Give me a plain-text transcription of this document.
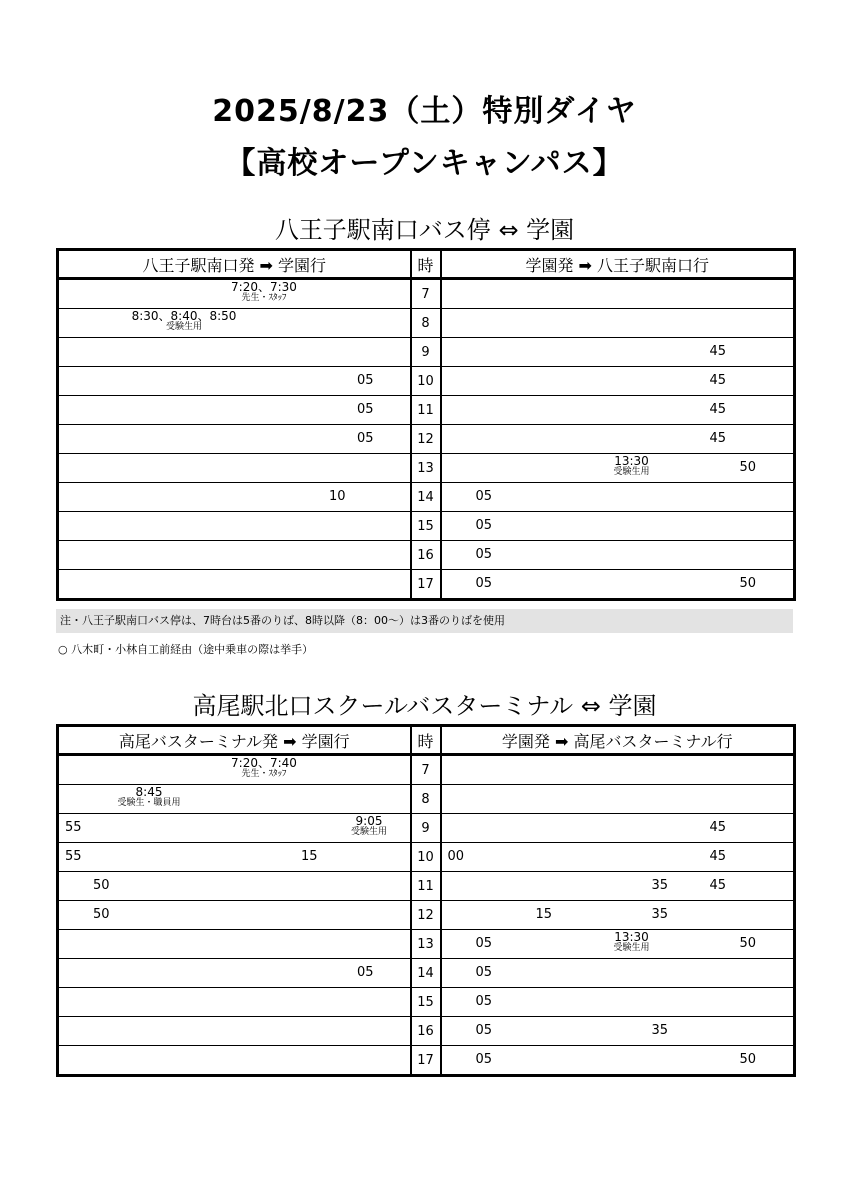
2025/8/23（土）特別ダイヤ
【高校オープンキャンパス】
八王子駅南口バス停 ⇔ 学園
八王子駅南口発 ➡ 学園行	時	学園発 ➡ 八王子駅南口行

7:20、7:30
先生・ｽﾀｯﾌ	7	

8:30、8:40、8:50
受験生用	8	

	9	45

05	10	45

05	11	45

05	12	45

	13	13:30
受験生用 50

10	14	05

	15	05

	16	05

	17	05 50
注・八王子駅南口バス停は、7時台は5番のりば、8時以降（8：00～）は3番のりばを使用
○ 八木町・小林自工前経由（途中乗車の際は挙手）
高尾駅北口スクールバスターミナル ⇔ 学園
高尾バスターミナル発 ➡ 学園行	時	学園発 ➡ 高尾バスターミナル行

7:20、7:40
先生・ｽﾀｯﾌ	7	

8:45
受験生・職員用	8	

55 9:05
受験生用	9	45

55 15	10	00 45

50	11	35 45

50	12	15 35

	13	05 13:30
受験生用 50

05	14	05

	15	05

	16	05 35

	17	05 50
